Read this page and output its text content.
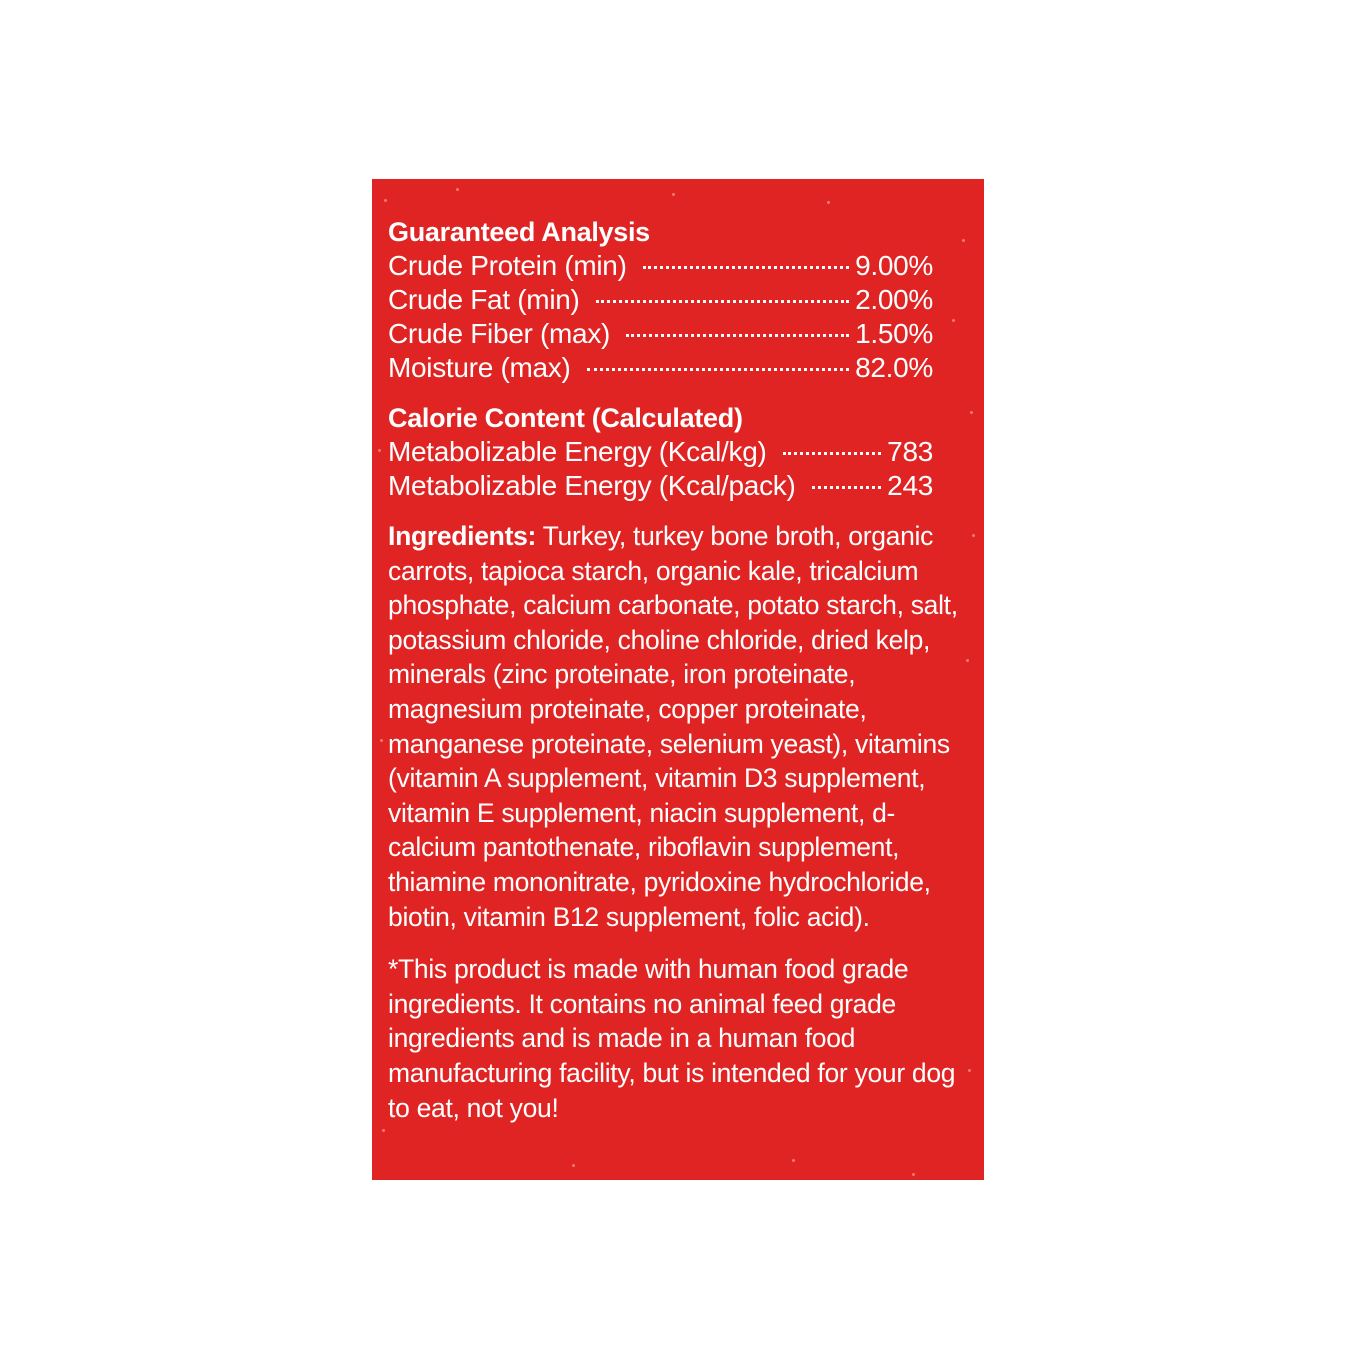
Guaranteed Analysis
Crude Protein (min)	9.00%
Crude Fat (min)	2.00%
Crude Fiber (max)	1.50%
Moisture (max)	82.0%
Calorie Content (Calculated)
Metabolizable Energy (Kcal/kg)	783
Metabolizable Energy (Kcal/pack)	243

Ingredients: Turkey, turkey bone broth, organic carrots, tapioca starch, organic kale, tricalcium phosphate, calcium carbonate, potato starch, salt, potassium chloride, choline chloride, dried kelp, minerals (zinc proteinate, iron proteinate, magnesium proteinate, copper proteinate, manganese proteinate, selenium yeast), vitamins (vitamin A supplement, vitamin D3 supplement, vitamin E supplement, niacin supplement, d-calcium pantothenate, riboflavin supplement, thiamine mononitrate, pyridoxine hydrochloride, biotin, vitamin B12 supplement, folic acid).

*This product is made with human food grade ingredients. It contains no animal feed grade ingredients and is made in a human food manufacturing facility, but is intended for your dog to eat, not you!
